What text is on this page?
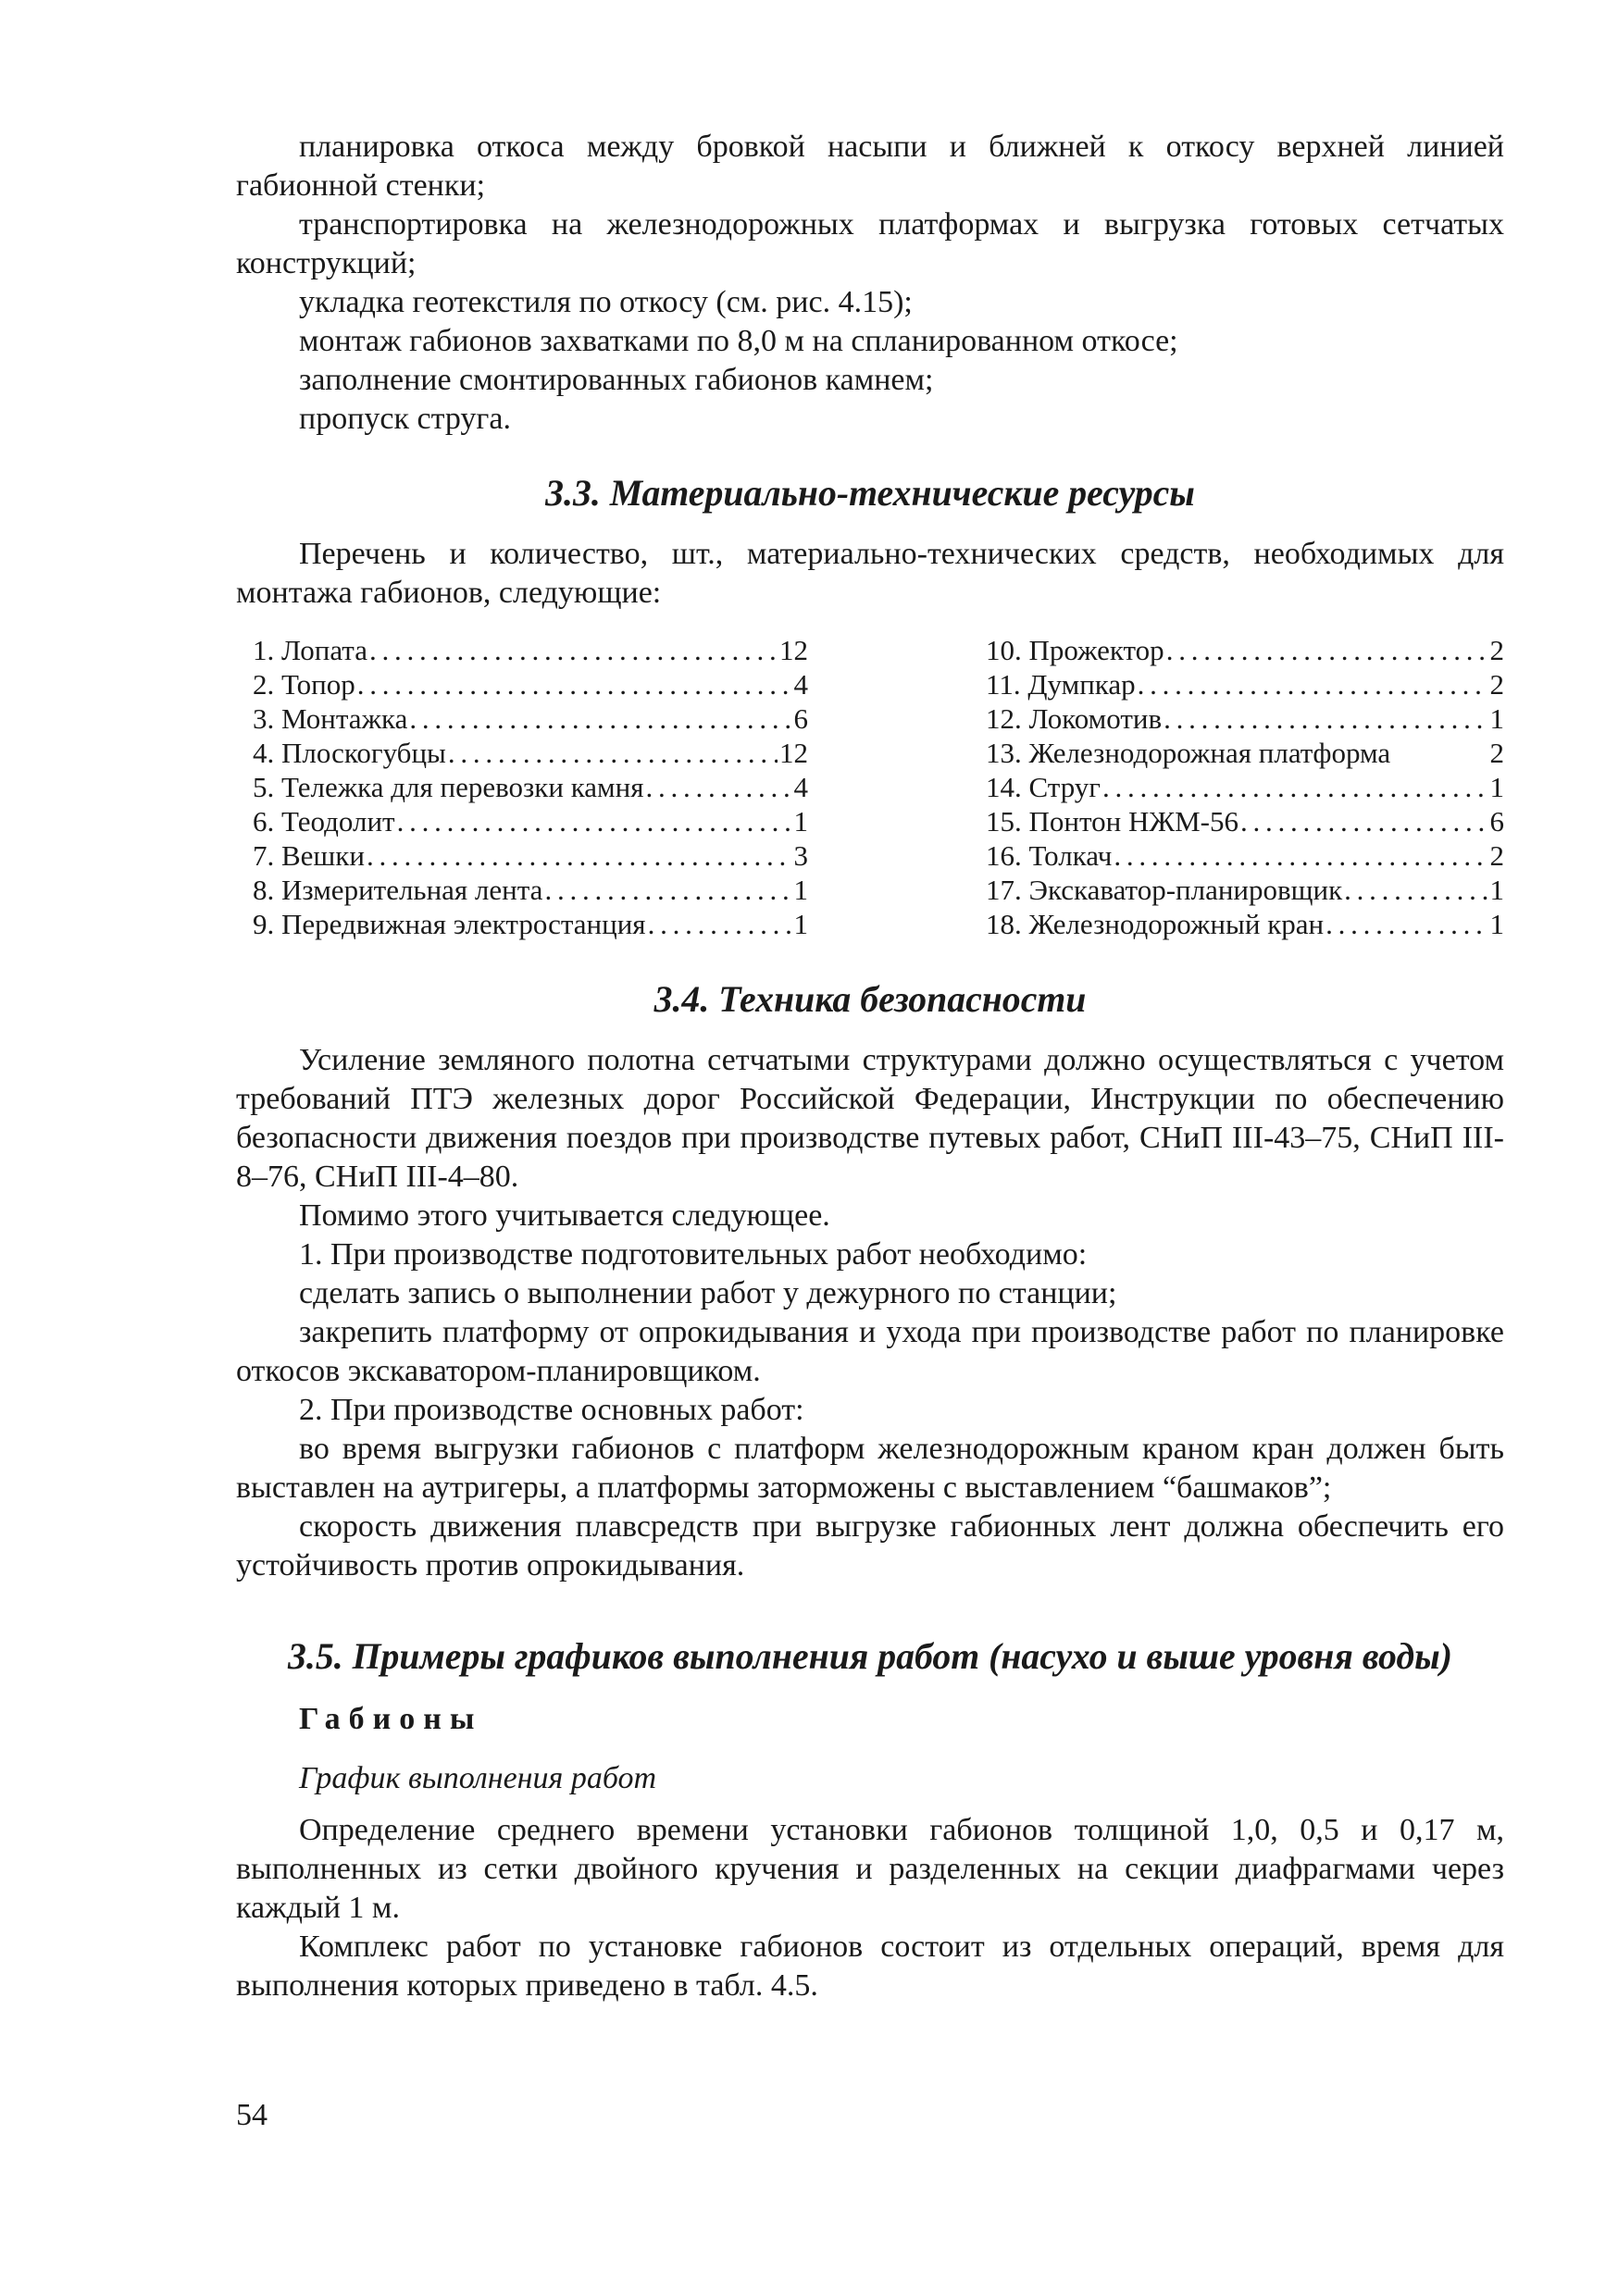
планировка откоса между бровкой насыпи и ближней к откосу верхней линией габионной стенки;

транспортировка на железнодорожных платформах и выгрузка готовых сетчатых конструкций;

укладка геотекстиля по откосу (см. рис. 4.15);

монтаж габионов захватками по 8,0 м на спланированном откосе;

заполнение смонтированных габионов камнем;

пропуск струга.

3.3. Материально-технические ресурсы

Перечень и количество, шт., материально-технических средств, необходимых для монтажа габионов, следующие:

1. Лопата . . .	12
2. Топор . . .	4
3. Монтажка . . .	6
4. Плоскогубцы . . .	12
5. Тележка для перевозки камня . . .	4
6. Теодолит . . .	1
7. Вешки . . .	3
8. Измерительная лента . . .	1
9. Передвижная электростанция . . .	1
10. Прожектор . . .	2
11. Думпкар . . .	2
12. Локомотив . . .	1
13. Железнодорожная платформа	2
14. Струг . . .	1
15. Понтон НЖМ-56 . . .	6
16. Толкач . . .	2
17. Экскаватор-планировщик . . .	1
18. Железнодорожный кран . . .	1
3.4. Техника безопасности

Усиление земляного полотна сетчатыми структурами должно осуществляться с учетом требований ПТЭ железных дорог Российской Федерации, Инструкции по обеспечению безопасности движения поездов при производстве путевых работ, СНиП III-43–75, СНиП III-8–76, СНиП III-4–80.

Помимо этого учитывается следующее.

1. При производстве подготовительных работ необходимо:

сделать запись о выполнении работ у дежурного по станции;

закрепить платформу от опрокидывания и ухода при производстве работ по планировке откосов экскаватором-планировщиком.

2. При производстве основных работ:

во время выгрузки габионов с платформ железнодорожным краном кран должен быть выставлен на аутригеры, а платформы заторможены с выставлением “башмаков”;

скорость движения плавсредств при выгрузке габионных лент должна обеспечить его устойчивость против опрокидывания.

3.5. Примеры графиков выполнения работ (насухо и выше уровня воды)

Габионы

График выполнения работ

Определение среднего времени установки габионов толщиной 1,0, 0,5 и 0,17 м, выполненных из сетки двойного кручения и разделенных на секции диафрагмами через каждый 1 м.

Комплекс работ по установке габионов состоит из отдельных операций, время для выполнения которых приведено в табл. 4.5.

54
